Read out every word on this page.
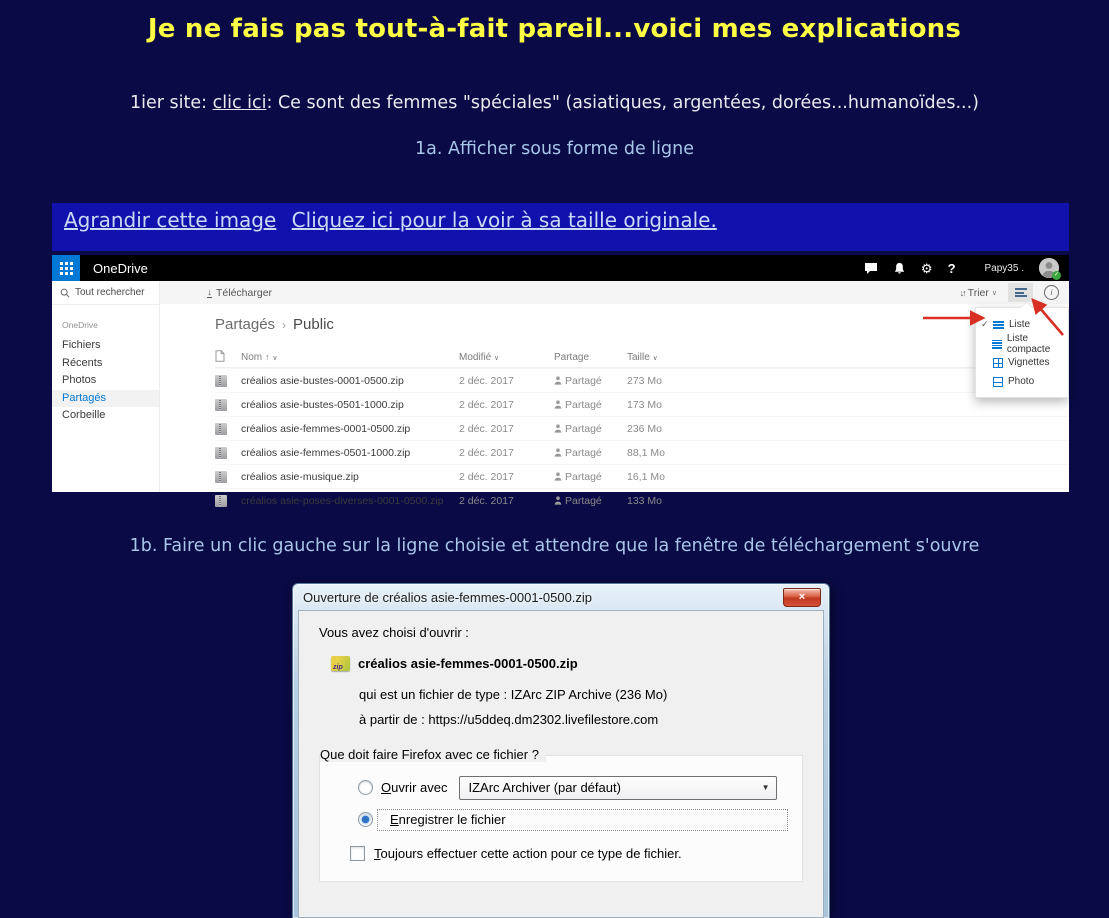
Je ne fais pas tout-à-fait pareil...voici mes explications
1ier site: clic ici: Ce sont des femmes "spéciales" (asiatiques, argentées, dorées...humanoïdes...)
1a. Afficher sous forme de ligne
Agrandir cette image Cliquez ici pour la voir à sa taille originale.
OneDrive	⚙ ?	Papy35 .
✓
Tout rechercher
OneDrive
Fichiers
Récents
Photos
Partagés
Corbeille
↓ Télécharger	↓↑ Trier ∨	i
Partagés › Public
Nom ↑ ∨	Modifié ∨	Partage	Taille ∨
créalios asie-bustes-0001-0500.zip	2 déc. 2017	Partagé 273 Mo
créalios asie-bustes-0501-1000.zip	2 déc. 2017	Partagé 173 Mo
créalios asie-femmes-0001-0500.zip	2 déc. 2017	Partagé 236 Mo
créalios asie-femmes-0501-1000.zip	2 déc. 2017	Partagé 88,1 Mo
créalios asie-musique.zip	2 déc. 2017	Partagé 16,1 Mo
créalios asie-poses-diverses-0001-0500.zip	2 déc. 2017	Partagé 133 Mo
✓	Liste
Liste compacte
Vignettes
Photo
1b. Faire un clic gauche sur la ligne choisie et attendre que la fenêtre de téléchargement s'ouvre
Ouverture de créalios asie-femmes-0001-0500.zip	×
Vous avez choisi d'ouvrir :
zip
créalios asie-femmes-0001-0500.zip
qui est un fichier de type : IZArc ZIP Archive (236 Mo)
à partir de : https://u5ddeq.dm2302.livefilestore.com
Que doit faire Firefox avec ce fichier ?
Ouvrir avec IZArc Archiver (par défaut)	▼
Enregistrer le fichier
Toujours effectuer cette action pour ce type de fichier.
